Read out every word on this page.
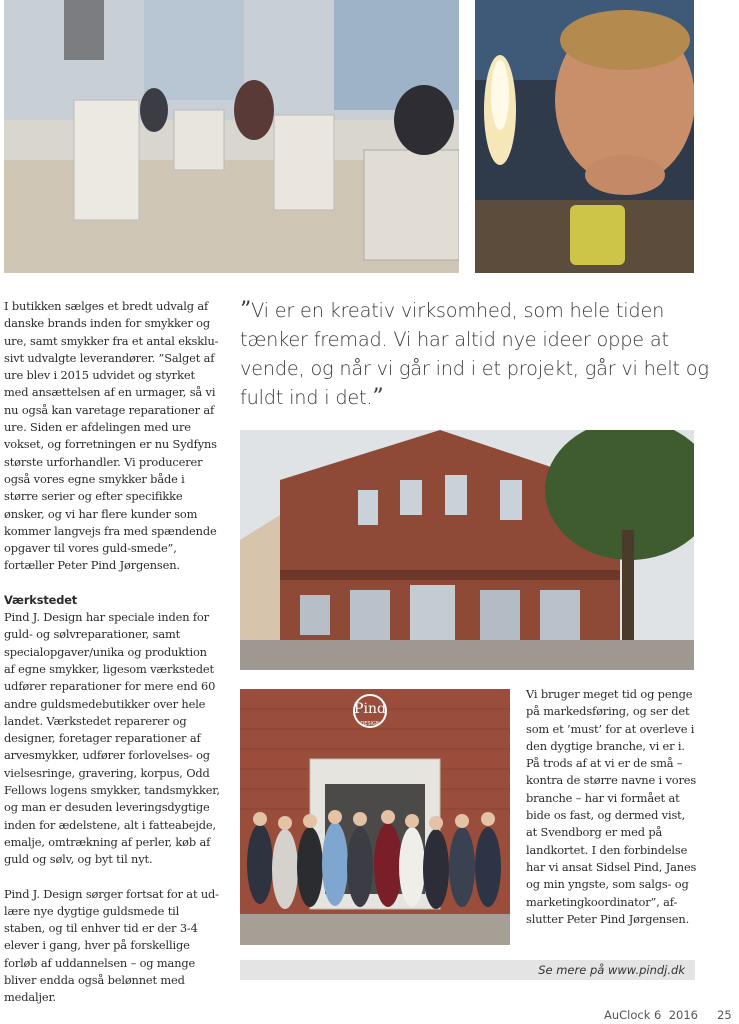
I butikken sælges et bredt udvalg af danske brands inden for smykker og ure, samt smykker fra et antal eksklu-sivt udvalgte leverandører. ”Salget af ure blev i 2015 udvidet og styrket med ansættelsen af en urmager, så vi nu også kan varetage reparationer af ure. Siden er afdelingen med ure vokset, og forretningen er nu Sydfyns største urforhandler. Vi producerer også vores egne smykker både i større serier og efter specifikke ønsker, og vi har flere kunder som kommer langvejs fra med spændende opgaver til vores guld-smede”, fortæller Peter Pind Jørgensen.

Værkstedet

Pind J. Design har speciale inden for guld- og sølvreparationer, samt specialopgaver/unika og produktion af egne smykker, ligesom værkstedet udfører reparationer for mere end 60 andre guldsmedebutikker over hele landet. Værkstedet reparerer og designer, foretager reparationer af arvesmykker, udfører forlovelses- og vielsesringe, gravering, korpus, Odd Fellows logens smykker, tandsmykker, og man er desuden leveringsdygtige inden for ædelstene, alt i fatteabejde, emalje, omtrækning af perler, køb af guld og sølv, og byt til nyt.

Pind J. Design sørger fortsat for at ud-lære nye dygtige guldsmede til staben, og til enhver tid er der 3-4 elever i gang, hver på forskellige forløb af uddannelsen – og mange bliver endda også belønnet med medaljer.

”Vi er en kreativ virksomhed, som hele tiden tænker fremad. Vi har altid nye ideer oppe at vende, og når vi går ind i et projekt, går vi helt og fuldt ind i det.”
Pind
DESIGN

Vi bruger meget tid og penge på markedsføring, og ser det som et ’must’ for at overleve i den dygtige branche, vi er i. På trods af at vi er de små – kontra de større navne i vores branche – har vi formået at bide os fast, og dermed vist, at Svendborg er med på landkortet. I den forbindelse har vi ansat Sidsel Pind, Janes og min yngste, som salgs- og marketingkoordinator”, af-slutter Peter Pind Jørgensen.

Se mere på www.pindj.dk
AuClock 6 2016 25
